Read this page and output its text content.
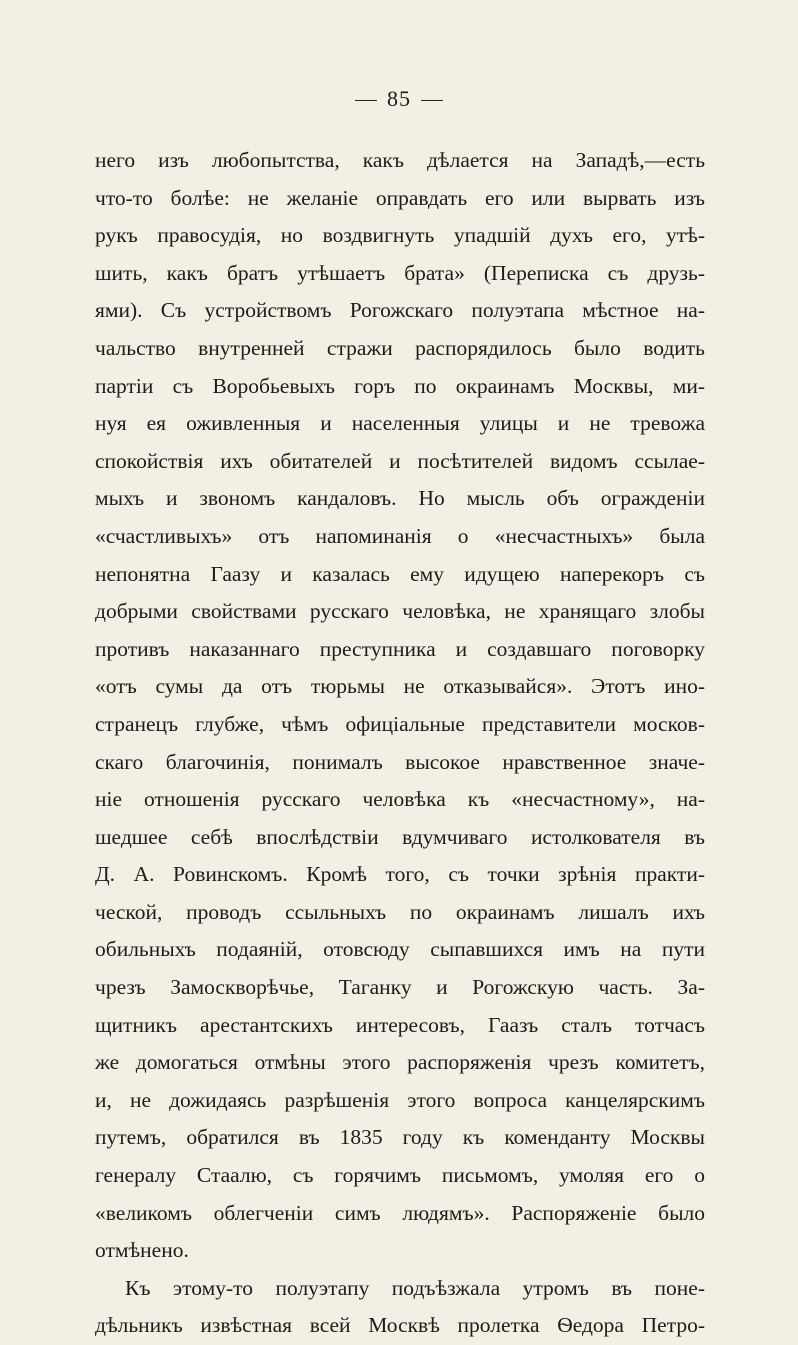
85
него изъ любопытства, какъ дѣлается на Западѣ,—есть
что-то болѣе: не желаніе оправдать его или вырвать изъ
рукъ правосудія, но воздвигнуть упадшій духъ его, утѣ-
шить, какъ братъ утѣшаетъ брата» (Переписка съ друзь-
ями). Съ устройствомъ Рогожскаго полуэтапа мѣстное на-
чальство внутренней стражи распорядилось было водить
партіи съ Воробьевыхъ горъ по окраинамъ Москвы, ми-
нуя ея оживленныя и населенныя улицы и не тревожа
спокойствія ихъ обитателей и посѣтителей видомъ ссылае-
мыхъ и звономъ кандаловъ. Но мысль объ огражденіи
«счастливыхъ» отъ напоминанія о «несчастныхъ» была
непонятна Гаазу и казалась ему идущею наперекоръ съ
добрыми свойствами русскаго человѣка, не хранящаго злобы
противъ наказаннаго преступника и создавшаго поговорку
«отъ сумы да отъ тюрьмы не отказывайся». Этотъ ино-
странецъ глубже, чѣмъ офиціальные представители москов-
скаго благочинія, понималъ высокое нравственное значе-
ніе отношенія русскаго человѣка къ «несчастному», на-
шедшее себѣ впослѣдствіи вдумчиваго истолкователя въ
Д. А. Ровинскомъ. Кромѣ того, съ точки зрѣнія практи-
ческой, проводъ ссыльныхъ по окраинамъ лишалъ ихъ
обильныхъ подаяній, отовсюду сыпавшихся имъ на пути
чрезъ Замоскворѣчье, Таганку и Рогожскую часть. За-
щитникъ арестантскихъ интересовъ, Гаазъ сталъ тотчасъ
же домогаться отмѣны этого распоряженія чрезъ комитетъ,
и, не дожидаясь разрѣшенія этого вопроса канцелярскимъ
путемъ, обратился въ 1835 году къ коменданту Москвы
генералу Стаалю, съ горячимъ письмомъ, умоляя его о
«великомъ облегченіи симъ людямъ». Распоряженіе было
отмѣнено.
Къ этому-то полуэтапу подъѣзжала утромъ въ поне-
дѣльникъ извѣстная всей Москвѣ пролетка Ѳедора Петро-
